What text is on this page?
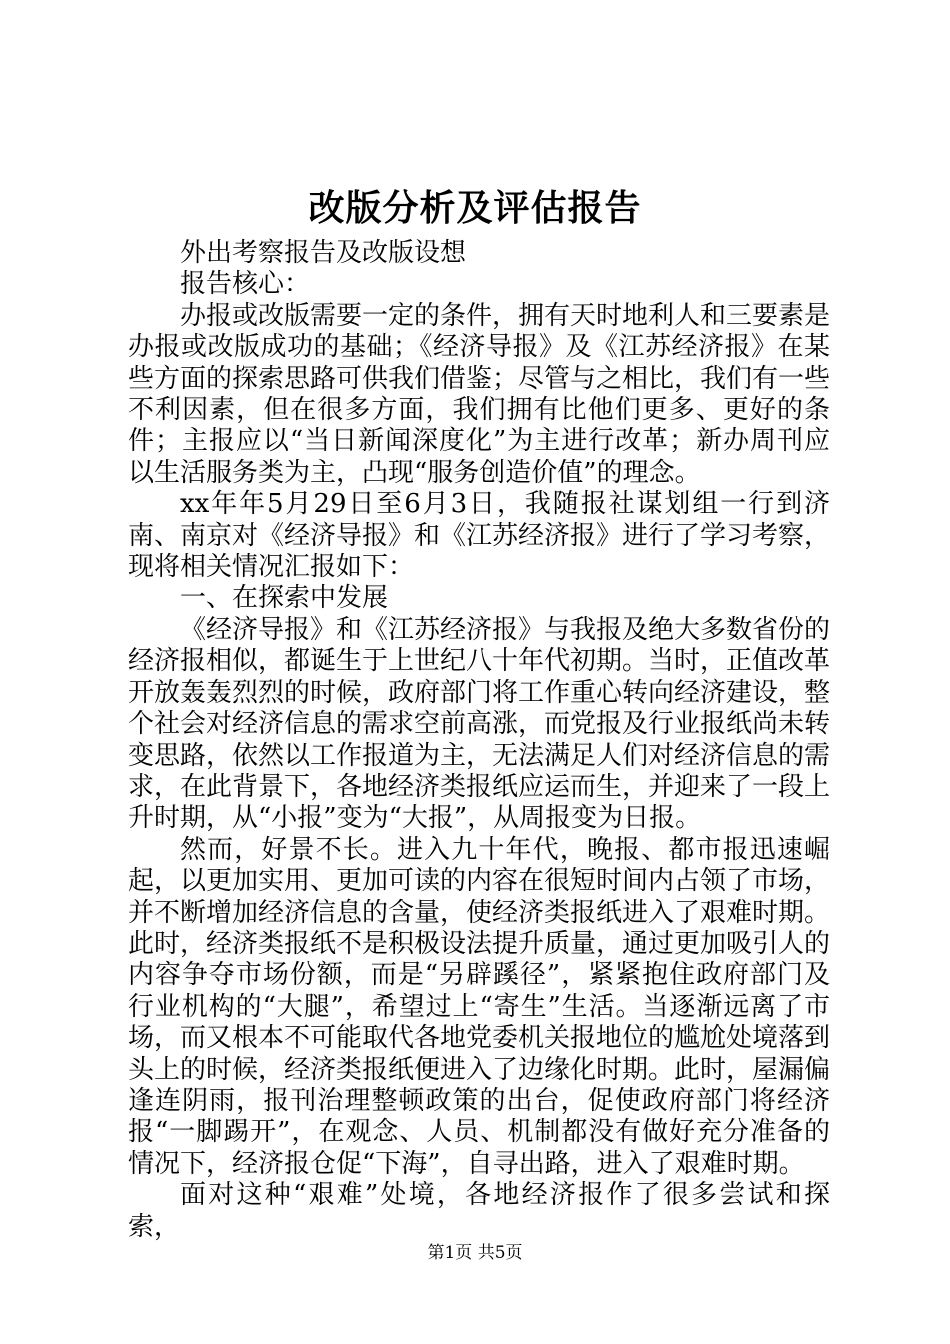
改版分析及评估报告

外出考察报告及改版设想

报告核心：

办报或改版需要一定的条件，拥有天时地利人和三要素是办报或改版成功的基础；《经济导报》及《江苏经济报》在某些方面的探索思路可供我们借鉴；尽管与之相比，我们有一些不利因素，但在很多方面，我们拥有比他们更多、更好的条件；主报应以“当日新闻深度化”为主进行改革；新办周刊应以生活服务类为主，凸现“服务创造价值”的理念。

xx年年5月29日至6月3日，我随报社谋划组一行到济南、南京对《经济导报》和《江苏经济报》进行了学习考察，现将相关情况汇报如下：

一、在探索中发展

《经济导报》和《江苏经济报》与我报及绝大多数省份的经济报相似，都诞生于上世纪八十年代初期。当时，正值改革开放轰轰烈烈的时候，政府部门将工作重心转向经济建设，整个社会对经济信息的需求空前高涨，而党报及行业报纸尚未转变思路，依然以工作报道为主，无法满足人们对经济信息的需求，在此背景下，各地经济类报纸应运而生，并迎来了一段上升时期，从“小报”变为“大报”，从周报变为日报。

然而，好景不长。进入九十年代，晚报、都市报迅速崛起，以更加实用、更加可读的内容在很短时间内占领了市场，并不断增加经济信息的含量，使经济类报纸进入了艰难时期。此时，经济类报纸不是积极设法提升质量，通过更加吸引人的内容争夺市场份额，而是“另辟蹊径”，紧紧抱住政府部门及行业机构的“大腿”，希望过上“寄生”生活。当逐渐远离了市场，而又根本不可能取代各地党委机关报地位的尴尬处境落到头上的时候，经济类报纸便进入了边缘化时期。此时，屋漏偏逢连阴雨，报刊治理整顿政策的出台，促使政府部门将经济报“一脚踢开”，在观念、人员、机制都没有做好充分准备的情况下，经济报仓促“下海”，自寻出路，进入了艰难时期。

面对这种“艰难”处境，各地经济报作了很多尝试和探索，

第1页 共5页
